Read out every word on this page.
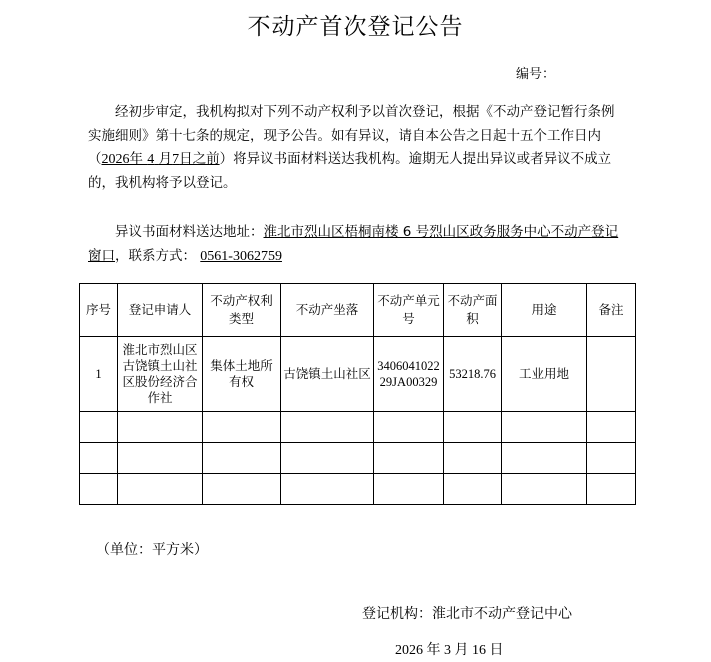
不动产首次登记公告
编号：
经初步审定，我机构拟对下列不动产权利予以首次登记，根据《不动产登记暂行条例实施细则》第十七条的规定，现予公告。如有异议，请自本公告之日起十五个工作日内（2026年 4 月7日之前）将异议书面材料送达我机构。逾期无人提出异议或者异议不成立的，我机构将予以登记。
异议书面材料送达地址：淮北市烈山区梧桐南楼 6 号烈山区政务服务中心不动产登记窗口，联系方式： 0561-3062759
序号	登记申请人	不动产权利类型	不动产坐落	不动产单元号	不动产面积	用途	备注
1	淮北市烈山区古饶镇土山社区股份经济合作社	集体土地所有权	古饶镇土山社区	340604102229JA00329	53218.76	工业用地	

（单位：平方米）
登记机构：淮北市不动产登记中心
2026 年 3 月 16 日
